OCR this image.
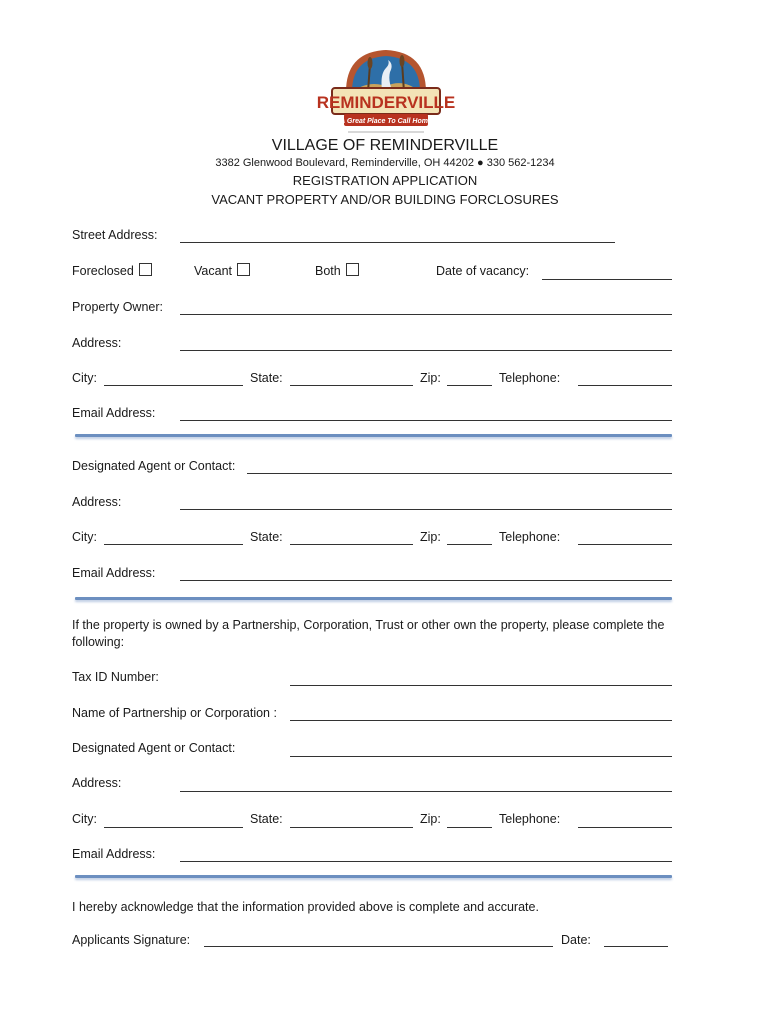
REMINDERVILLE
A Great Place To Call Home
VILLAGE OF REMINDERVILLE
3382 Glenwood Boulevard, Reminderville, OH 44202 ● 330 562-1234
REGISTRATION APPLICATION
VACANT PROPERTY AND/OR BUILDING FORCLOSURES
Street Address:
Foreclosed	Vacant	Both	Date of vacancy:
Property Owner:
Address:
City:	State:	Zip:	Telephone:
Email Address:
Designated Agent or Contact:
Address:
City:	State:	Zip:	Telephone:
Email Address:
If the property is owned by a Partnership, Corporation, Trust or other own the property, please complete the following:
Tax ID Number:
Name of Partnership or Corporation :
Designated Agent or Contact:
Address:
City:	State:	Zip:	Telephone:
Email Address:
I hereby acknowledge that the information provided above is complete and accurate.
Applicants Signature:	Date:
